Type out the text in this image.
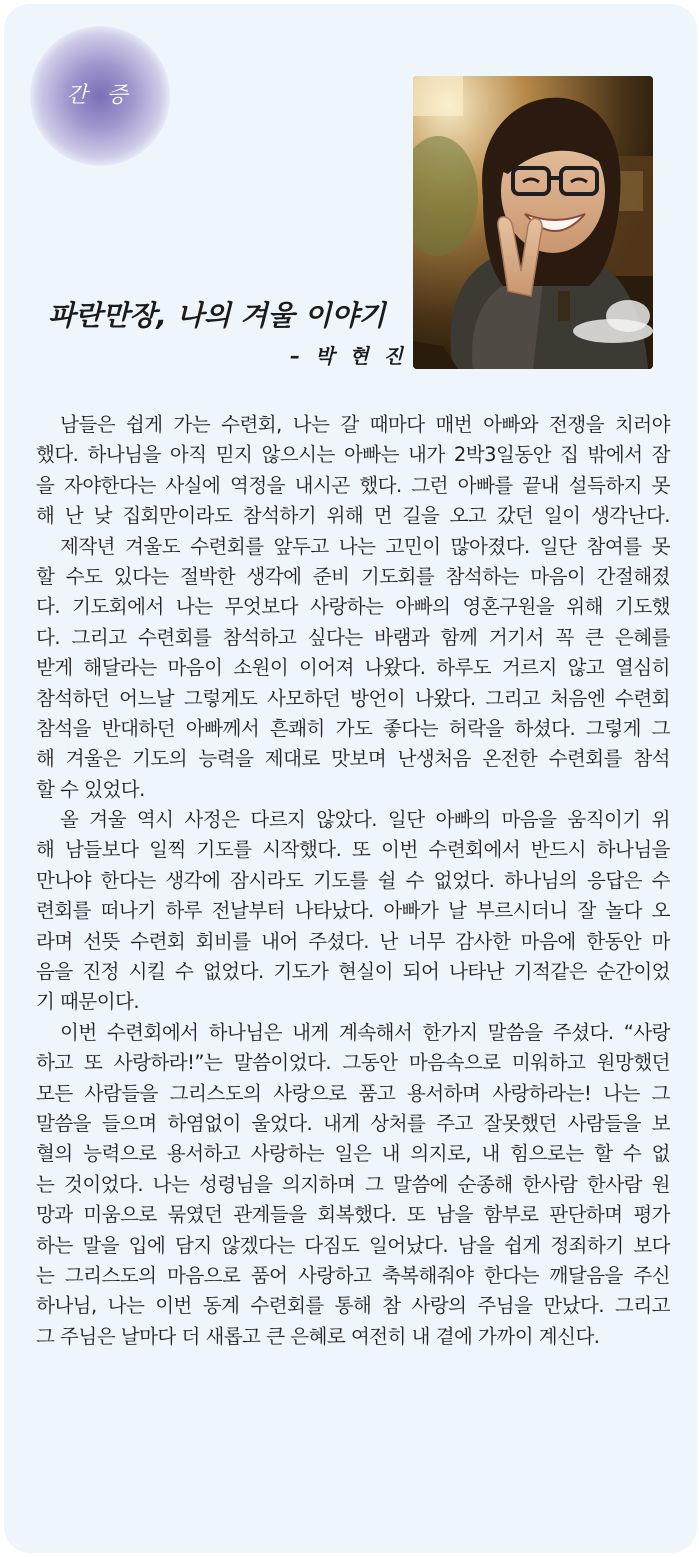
간 증
파란만장, 나의 겨울 이야기
– 박 현 진
남들은 쉽게 가는 수련회, 나는 갈 때마다 매번 아빠와 전쟁을 치러야
했다. 하나님을 아직 믿지 않으시는 아빠는 내가 2박3일동안 집 밖에서 잠
을 자야한다는 사실에 역정을 내시곤 했다. 그런 아빠를 끝내 설득하지 못
해 난 낮 집회만이라도 참석하기 위해 먼 길을 오고 갔던 일이 생각난다.
제작년 겨울도 수련회를 앞두고 나는 고민이 많아졌다. 일단 참여를 못
할 수도 있다는 절박한 생각에 준비 기도회를 참석하는 마음이 간절해졌
다. 기도회에서 나는 무엇보다 사랑하는 아빠의 영혼구원을 위해 기도했
다. 그리고 수련회를 참석하고 싶다는 바램과 함께 거기서 꼭 큰 은혜를
받게 해달라는 마음이 소원이 이어져 나왔다. 하루도 거르지 않고 열심히
참석하던 어느날 그렇게도 사모하던 방언이 나왔다. 그리고 처음엔 수련회
참석을 반대하던 아빠께서 흔쾌히 가도 좋다는 허락을 하셨다. 그렇게 그
해 겨울은 기도의 능력을 제대로 맛보며 난생처음 온전한 수련회를 참석
할 수 있었다.
올 겨울 역시 사정은 다르지 않았다. 일단 아빠의 마음을 움직이기 위
해 남들보다 일찍 기도를 시작했다. 또 이번 수련회에서 반드시 하나님을
만나야 한다는 생각에 잠시라도 기도를 쉴 수 없었다. 하나님의 응답은 수
련회를 떠나기 하루 전날부터 나타났다. 아빠가 날 부르시더니 잘 놀다 오
라며 선뜻 수련회 회비를 내어 주셨다. 난 너무 감사한 마음에 한동안 마
음을 진정 시킬 수 없었다. 기도가 현실이 되어 나타난 기적같은 순간이었
기 때문이다.
이번 수련회에서 하나님은 내게 계속해서 한가지 말씀을 주셨다. “사랑
하고 또 사랑하라!”는 말씀이었다. 그동안 마음속으로 미워하고 원망했던
모든 사람들을 그리스도의 사랑으로 품고 용서하며 사랑하라는! 나는 그
말씀을 들으며 하염없이 울었다. 내게 상처를 주고 잘못했던 사람들을 보
혈의 능력으로 용서하고 사랑하는 일은 내 의지로, 내 힘으로는 할 수 없
는 것이었다. 나는 성령님을 의지하며 그 말씀에 순종해 한사람 한사람 원
망과 미움으로 묶였던 관계들을 회복했다. 또 남을 함부로 판단하며 평가
하는 말을 입에 담지 않겠다는 다짐도 일어났다. 남을 쉽게 정죄하기 보다
는 그리스도의 마음으로 품어 사랑하고 축복해줘야 한다는 깨달음을 주신
하나님, 나는 이번 동계 수련회를 통해 참 사랑의 주님을 만났다. 그리고
그 주님은 날마다 더 새롭고 큰 은혜로 여전히 내 곁에 가까이 계신다.
